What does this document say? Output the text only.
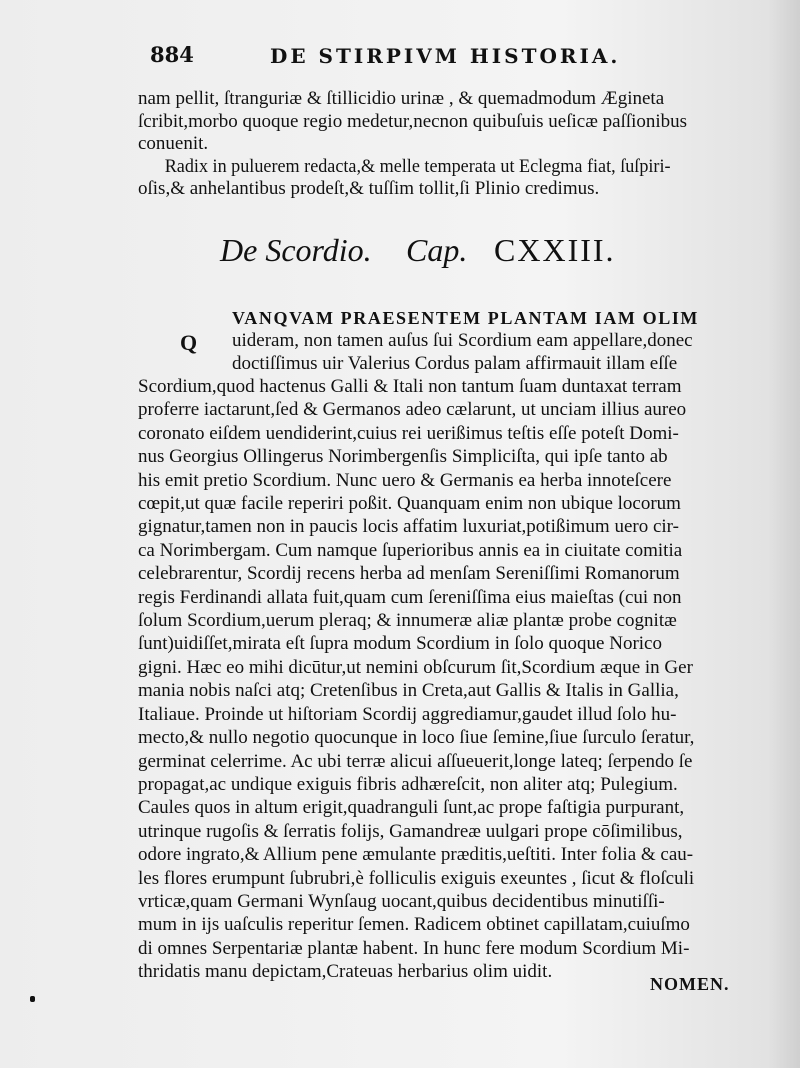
884	DE STIRPIVM HISTORIA.
nam pellit, ſtranguriæ & ſtillicidio urinæ , & quemadmodum Ægineta
ſcribit,morbo quoque regio medetur,necnon quibuſuis ueſicæ paſſionibus
conuenit.
Radix in puluerem redacta,& melle temperata ut Eclegma fiat, ſuſpiri-
oſis,& anhelantibus prodeſt,& tuſſim tollit,ſi Plinio credimus.
De Scordio. Cap. CXXIII.
Q
VANQVAM PRAESENTEM PLANTAM IAM OLIM
uideram, non tamen auſus ſui Scordium eam appellare,donec
doctiſſimus uir Valerius Cordus palam affirmauit illam eſſe
Scordium,quod hactenus Galli & Itali non tantum ſuam duntaxat terram
proferre iactarunt,ſed & Germanos adeo cælarunt, ut unciam illius aureo
coronato eiſdem uendiderint,cuius rei uerißimus teſtis eſſe poteſt Domi-
nus Georgius Ollingerus Norimbergenſis Simpliciſta, qui ipſe tanto ab
his emit pretio Scordium. Nunc uero & Germanis ea herba innoteſcere
cœpit,ut quæ facile reperiri poßit. Quanquam enim non ubique locorum
gignatur,tamen non in paucis locis affatim luxuriat,potißimum uero cir-
ca Norimbergam. Cum namque ſuperioribus annis ea in ciuitate comitia
celebrarentur, Scordij recens herba ad menſam Sereniſſimi Romanorum
regis Ferdinandi allata fuit,quam cum ſereniſſima eius maieſtas (cui non
ſolum Scordium,uerum pleraq; & innumeræ aliæ plantæ probe cognitæ
ſunt)uidiſſet,mirata eſt ſupra modum Scordium in ſolo quoque Norico
gigni. Hæc eo mihi dicūtur,ut nemini obſcurum ſit,Scordium æque in Ger
mania nobis naſci atq; Cretenſibus in Creta,aut Gallis & Italis in Gallia,
Italiaue. Proinde ut hiſtoriam Scordij aggrediamur,gaudet illud ſolo hu-
mecto,& nullo negotio quocunque in loco ſiue ſemine,ſiue ſurculo ſeratur,
germinat celerrime. Ac ubi terræ alicui aſſueuerit,longe lateq; ſerpendo ſe
propagat,ac undique exiguis fibris adhæreſcit, non aliter atq; Pulegium.
Caules quos in altum erigit,quadranguli ſunt,ac prope faſtigia purpurant,
utrinque rugoſis & ſerratis folijs, Gamandreæ uulgari prope cōſimilibus,
odore ingrato,& Allium pene æmulante præditis,ueſtiti. Inter folia & cau-
les flores erumpunt ſubrubri,è folliculis exiguis exeuntes , ſicut & floſculi
vrticæ,quam Germani Wynſaug uocant,quibus decidentibus minutiſſi-
mum in ijs uaſculis reperitur ſemen. Radicem obtinet capillatam,cuiuſmo
di omnes Serpentariæ plantæ habent. In hunc fere modum Scordium Mi-
thridatis manu depictam,Crateuas herbarius olim uidit.
NOMEN.
